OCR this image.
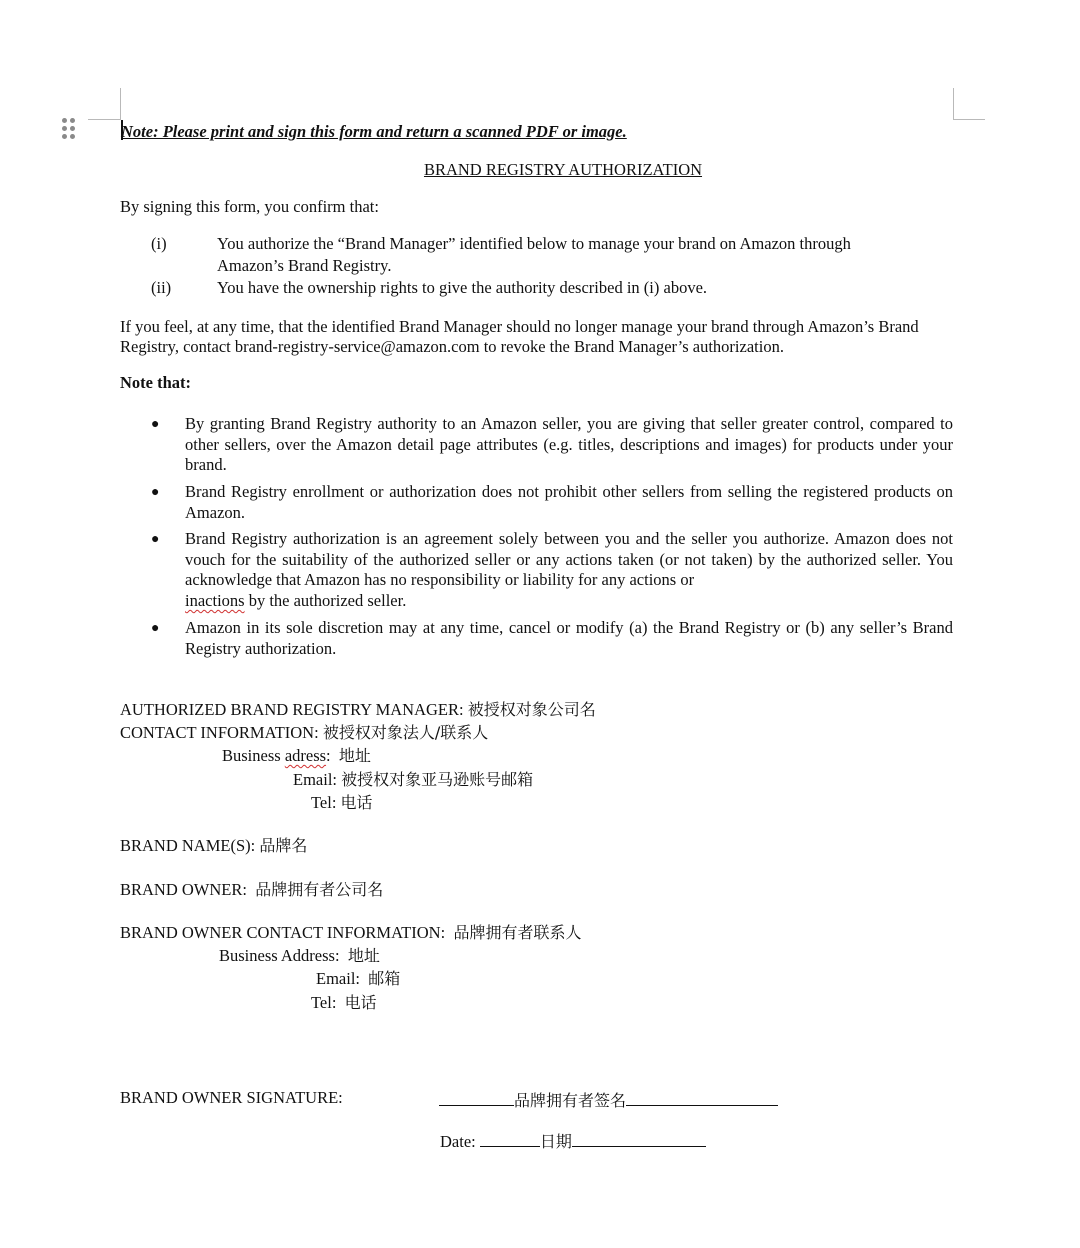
Note: Please print and sign this form and return a scanned PDF or image.
BRAND REGISTRY AUTHORIZATION
By signing this form, you confirm that:
(i)	You authorize the “Brand Manager” identified below to manage your brand on Amazon through Amazon’s Brand Registry.
(ii)	You have the ownership rights to give the authority described in (i) above.
If you feel, at any time, that the identified Brand Manager should no longer manage your brand through Amazon’s Brand Registry, contact brand-registry-service@amazon.com to revoke the Brand Manager’s authorization.
Note that:
● By granting Brand Registry authority to an Amazon seller, you are giving that seller greater control, compared to other sellers, over the Amazon detail page attributes (e.g. titles, descriptions and images) for products under your brand.
● Brand Registry enrollment or authorization does not prohibit other sellers from selling the registered products on Amazon.
● Brand Registry authorization is an agreement solely between you and the seller you authorize. Amazon does not vouch for the suitability of the authorized seller or any actions taken (or not taken) by the authorized seller. You acknowledge that Amazon has no responsibility or liability for any actions or
inactions by the authorized seller.
● Amazon in its sole discretion may at any time, cancel or modify (a) the Brand Registry or (b) any seller’s Brand Registry authorization.
AUTHORIZED BRAND REGISTRY MANAGER: 被授权对象公司名
CONTACT INFORMATION: 被授权对象法人/联系人
Business adress: 地址
Email: 被授权对象亚马逊账号邮箱
Tel: 电话
BRAND NAME(S): 品牌名
BRAND OWNER: 品牌拥有者公司名
BRAND OWNER CONTACT INFORMATION: 品牌拥有者联系人
Business Address: 地址
Email: 邮箱
Tel: 电话
BRAND OWNER SIGNATURE:	品牌拥有者签名
Date:	日期
